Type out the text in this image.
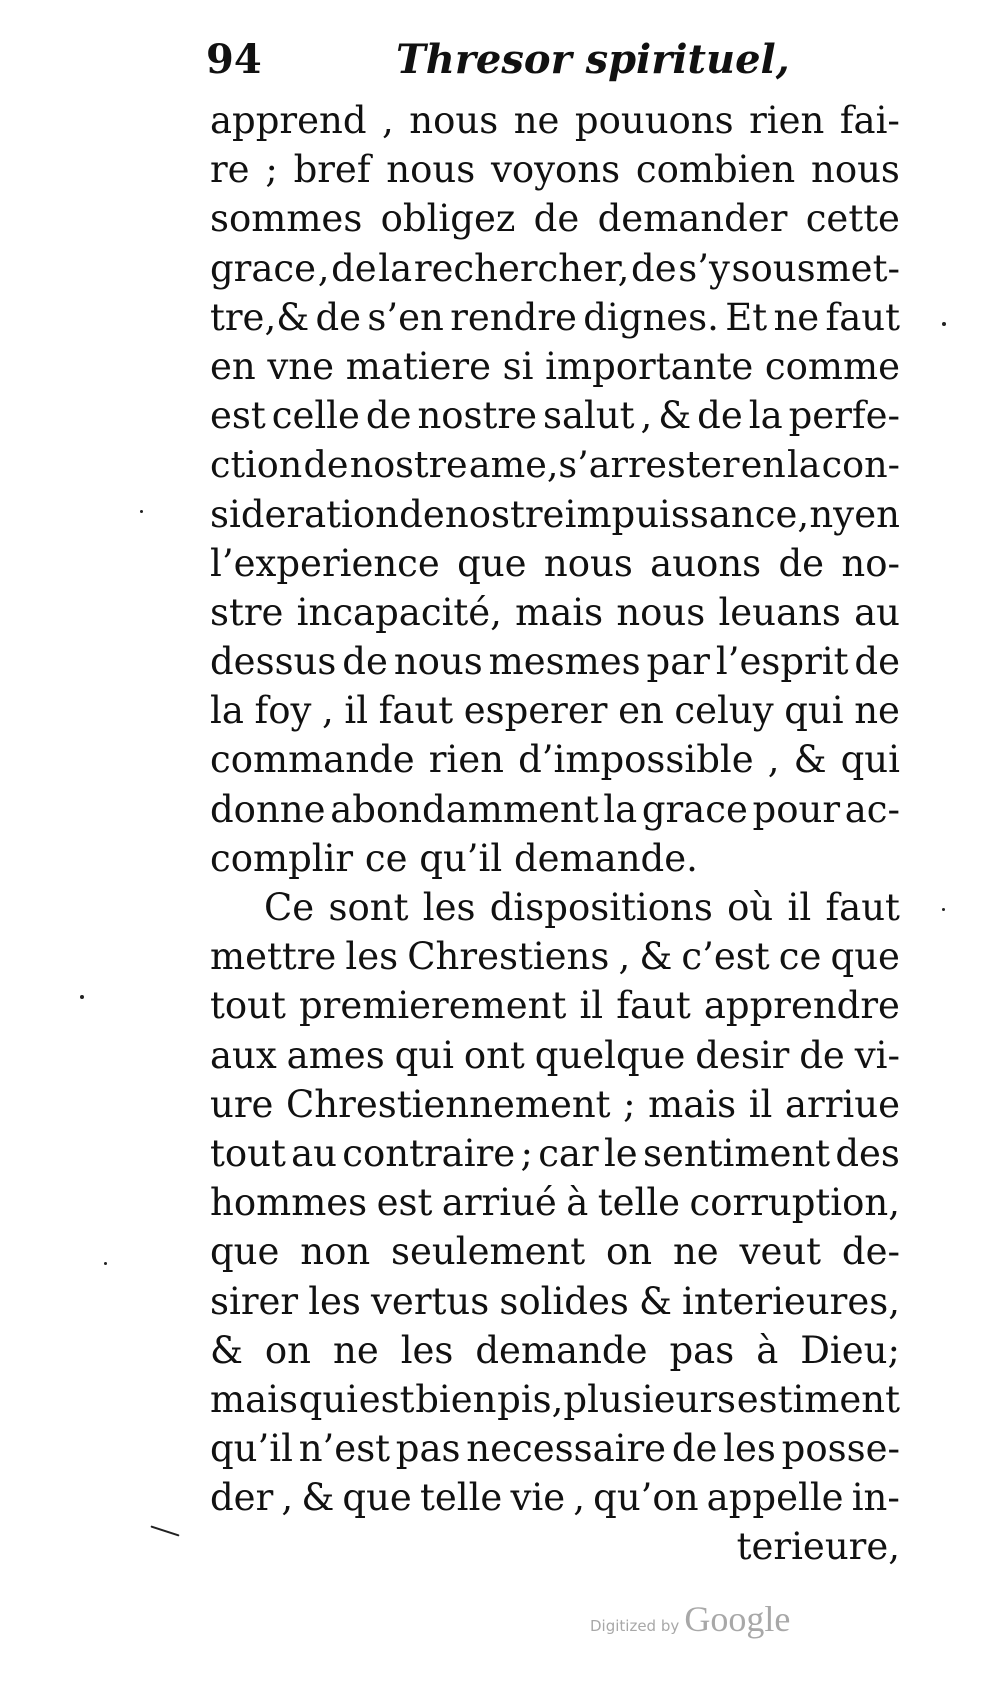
94	Thresor spirituel,
apprend , nous ne pouuons rien fai-
re ; bref nous voyons combien nous
sommes obligez de demander cette
grace , de la rechercher, de s’y sousmet-
tre,& de s’en rendre dignes. Et ne faut
en vne matiere si importante comme
est celle de nostre salut , & de la perfe-
ction de nostre ame,s’arrester en la con-
sideration de nostre impuissance, ny en
l’experience que nous auons de no-
stre incapacité, mais nous leuans au
dessus de nous mesmes par l’esprit de
la foy , il faut esperer en celuy qui ne
commande rien d’impossible , & qui
donne abondamment la grace pour ac-
complir ce qu’il demande.
Ce sont les dispositions où il faut
mettre les Chrestiens , & c’est ce que
tout premierement il faut apprendre
aux ames qui ont quelque desir de vi-
ure Chrestiennement ; mais il arriue
tout au contraire ; car le sentiment des
hommes est arriué à telle corruption,
que non seulement on ne veut de-
sirer les vertus solides & interieures,
& on ne les demande pas à Dieu;
mais qui est bien pis,plusieurs estiment
qu’il n’est pas necessaire de les posse-
der , & que telle vie , qu’on appelle in-
terieure,
Digitized by Google
